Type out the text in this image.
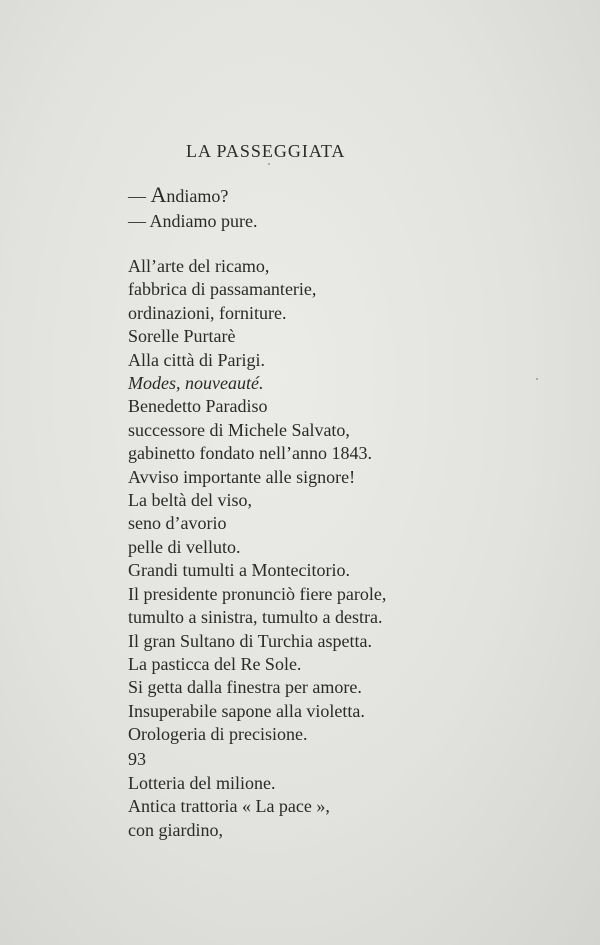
LA PASSEGGIATA
— Andiamo?
— Andiamo pure.
All’arte del ricamo,
fabbrica di passamanterie,
ordinazioni, forniture.
Sorelle Purtarè
Alla città di Parigi.
Modes, nouveauté.
Benedetto Paradiso
successore di Michele Salvato,
gabinetto fondato nell’anno 1843.
Avviso importante alle signore!
La beltà del viso,
seno d’avorio
pelle di velluto.
Grandi tumulti a Montecitorio.
Il presidente pronunciò fiere parole,
tumulto a sinistra, tumulto a destra.
Il gran Sultano di Turchia aspetta.
La pasticca del Re Sole.
Si getta dalla finestra per amore.
Insuperabile sapone alla violetta.
Orologeria di precisione.
93
Lotteria del milione.
Antica trattoria « La pace »,
con giardino,
